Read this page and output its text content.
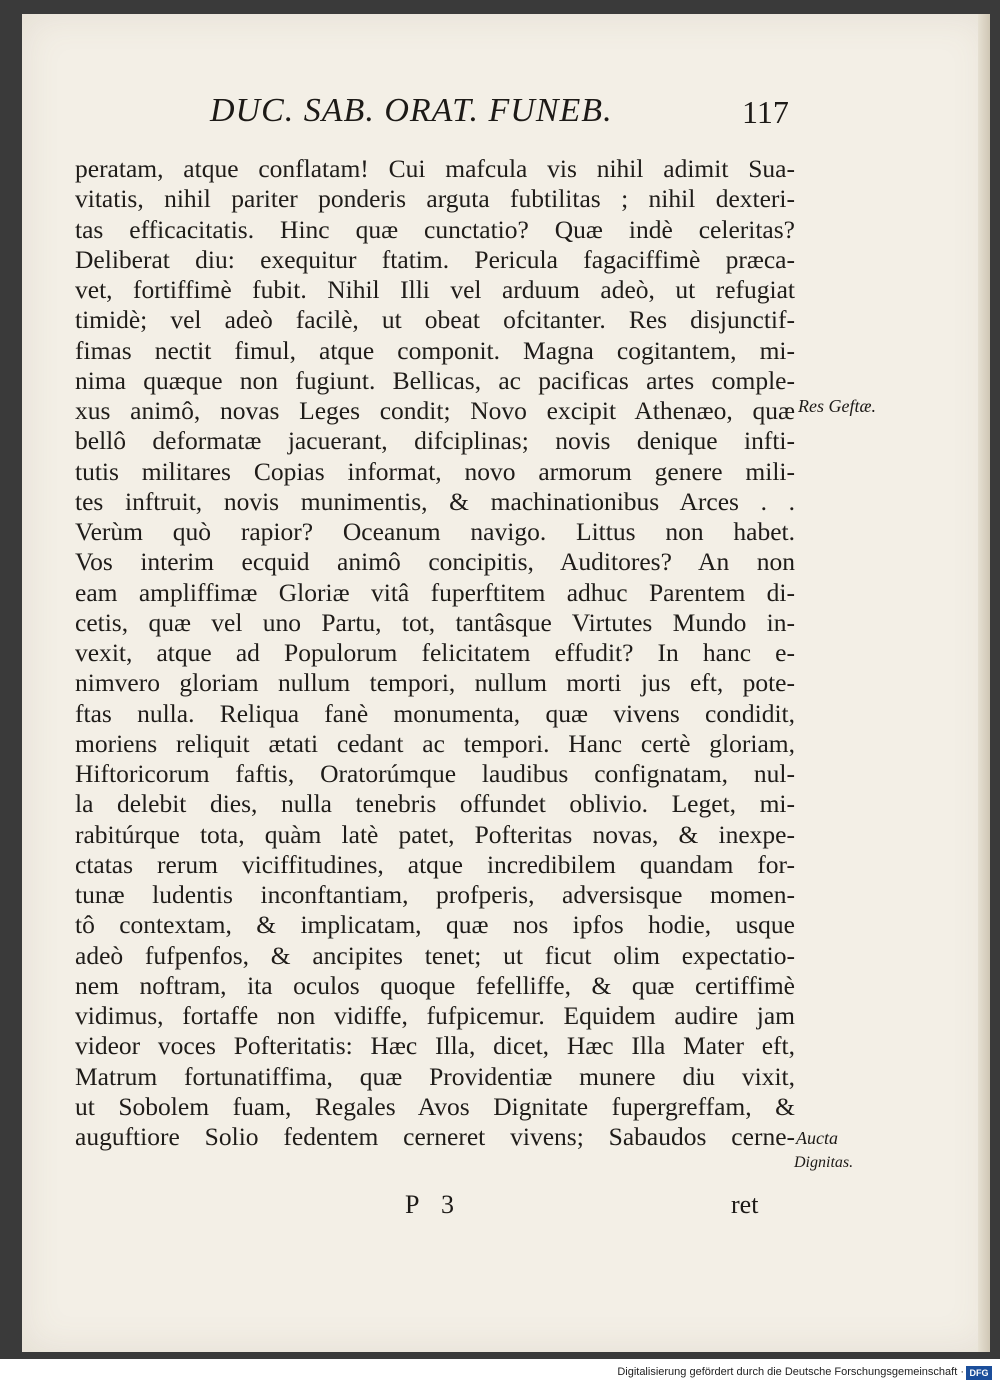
DUC. SAB. ORAT. FUNEB.	117
peratam, atque conflatam! Cui mafcula vis nihil adimit Sua-
vitatis, nihil pariter ponderis arguta fubtilitas ; nihil dexteri-
tas efficacitatis. Hinc quæ cunctatio? Quæ indè celeritas?
Deliberat diu: exequitur ftatim. Pericula fagaciffimè præca-
vet, fortiffimè fubit. Nihil Illi vel arduum adeò, ut refugiat
timidè; vel adeò facilè, ut obeat ofcitanter. Res disjunctif-
fimas nectit fimul, atque componit. Magna cogitantem, mi-
nima quæque non fugiunt. Bellicas, ac pacificas artes comple-
xus animô, novas Leges condit; Novo excipit Athenæo, quæ
bellô deformatæ jacuerant, difciplinas; novis denique infti-
tutis militares Copias informat, novo armorum genere mili-
tes inftruit, novis munimentis, & machinationibus Arces . .
Verùm quò rapior? Oceanum navigo. Littus non habet.
Vos interim ecquid animô concipitis, Auditores? An non
eam ampliffimæ Gloriæ vitâ fuperftitem adhuc Parentem di-
cetis, quæ vel uno Partu, tot, tantâsque Virtutes Mundo in-
vexit, atque ad Populorum felicitatem effudit? In hanc e-
nimvero gloriam nullum tempori, nullum morti jus eft, pote-
ftas nulla. Reliqua fanè monumenta, quæ vivens condidit,
moriens reliquit ætati cedant ac tempori. Hanc certè gloriam,
Hiftoricorum faftis, Oratorúmque laudibus confignatam, nul-
la delebit dies, nulla tenebris offundet oblivio. Leget, mi-
rabitúrque tota, quàm latè patet, Pofteritas novas, & inexpe-
ctatas rerum viciffitudines, atque incredibilem quandam for-
tunæ ludentis inconftantiam, profperis, adversisque momen-
tô contextam, & implicatam, quæ nos ipfos hodie, usque
adeò fufpenfos, & ancipites tenet; ut ficut olim expectatio-
nem noftram, ita oculos quoque fefelliffe, & quæ certiffimè
vidimus, fortaffe non vidiffe, fufpicemur. Equidem audire jam
videor voces Pofteritatis: Hæc Illa, dicet, Hæc Illa Mater eft,
Matrum fortunatiffima, quæ Providentiæ munere diu vixit,
ut Sobolem fuam, Regales Avos Dignitate fupergreffam, &
auguftiore Solio fedentem cerneret vivens; Sabaudos cerne-
Res Geftæ.
Aucta
Dignitas.
P 3	ret
Digitalisierung gefördert durch die Deutsche Forschungsgemeinschaft · DFG
